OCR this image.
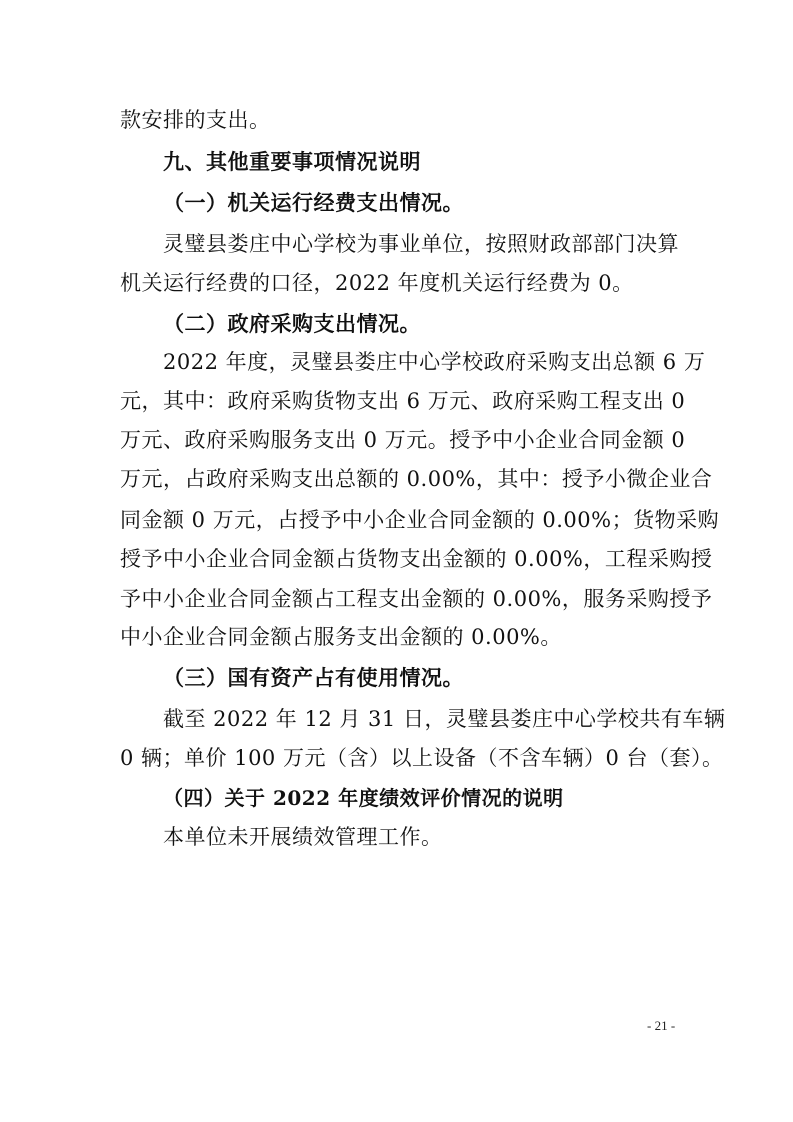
款安排的支出。
九、其他重要事项情况说明
（一）机关运行经费支出情况。
灵璧县娄庄中心学校为事业单位，按照财政部部门决算
机关运行经费的口径，2022 年度机关运行经费为 0。
（二）政府采购支出情况。
2022 年度，灵璧县娄庄中心学校政府采购支出总额 6 万
元，其中：政府采购货物支出 6 万元、政府采购工程支出 0
万元、政府采购服务支出 0 万元。授予中小企业合同金额 0
万元，占政府采购支出总额的 0.00%，其中：授予小微企业合
同金额 0 万元，占授予中小企业合同金额的 0.00%；货物采购
授予中小企业合同金额占货物支出金额的 0.00%，工程采购授
予中小企业合同金额占工程支出金额的 0.00%，服务采购授予
中小企业合同金额占服务支出金额的 0.00%。
（三）国有资产占有使用情况。
截至 2022 年 12 月 31 日，灵璧县娄庄中心学校共有车辆
0 辆；单价 100 万元（含）以上设备（不含车辆）0 台（套）。
（四）关于 2022 年度绩效评价情况的说明
本单位未开展绩效管理工作。
- 21 -
